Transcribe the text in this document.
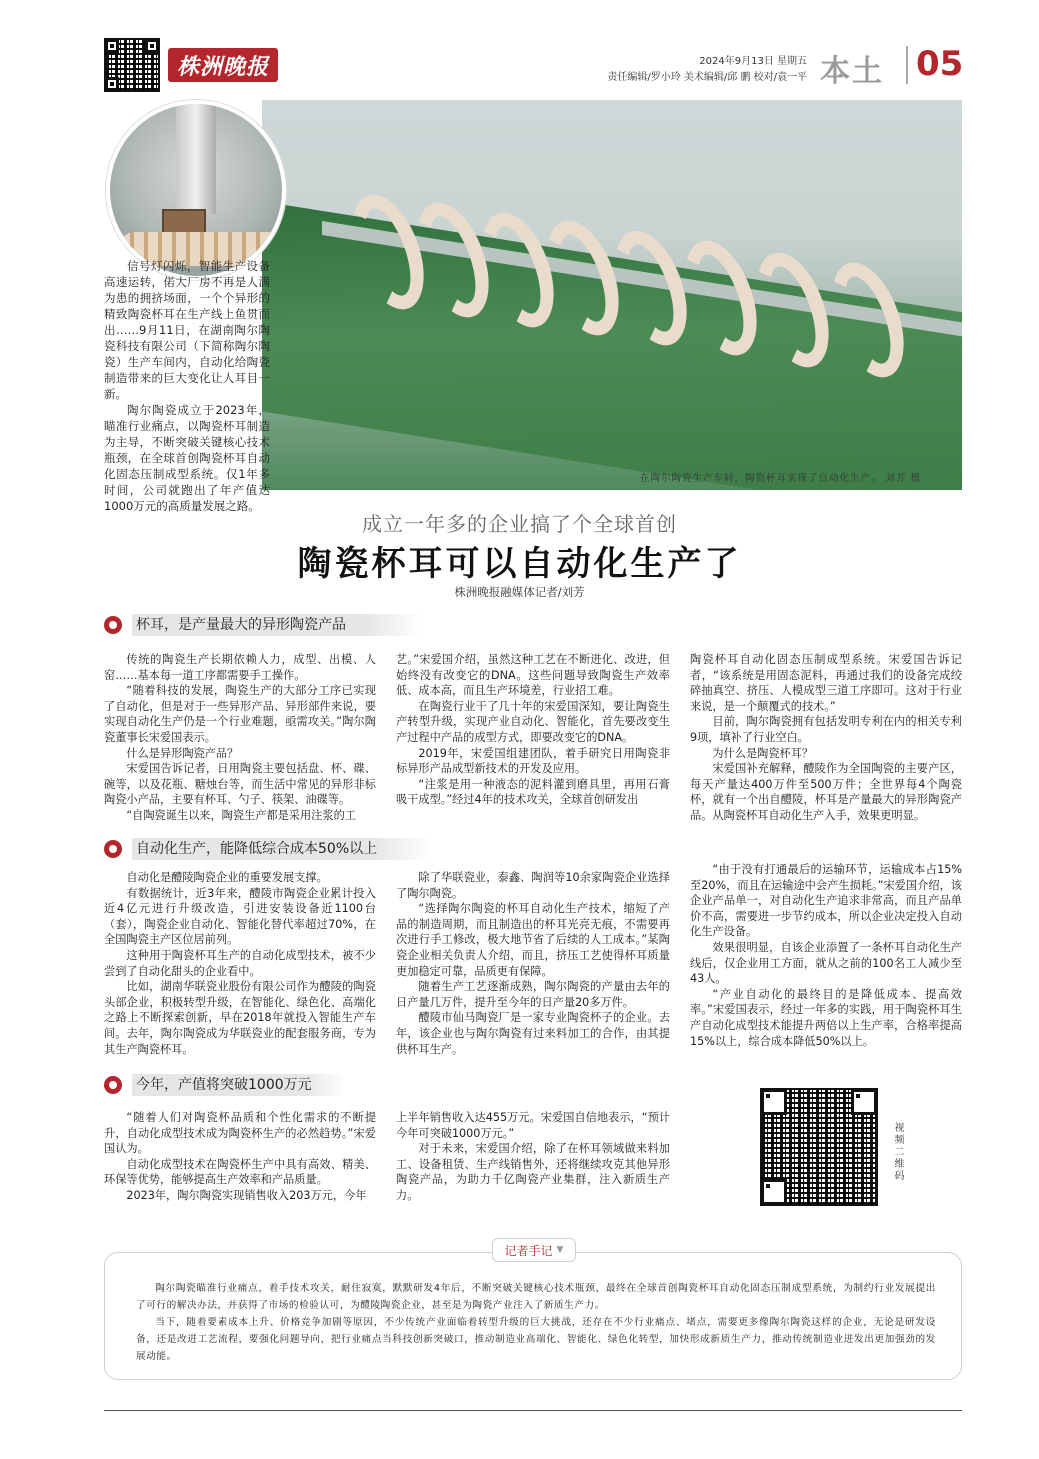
株洲晚报	2024年9月13日 星期五
责任编辑/罗小玲 美术编辑/邱 鹏 校对/袁一平 本土 05

信号灯闪烁，智能生产设备高速运转，偌大厂房不再是人满为患的拥挤场面，一个个异形的精致陶瓷杯耳在生产线上鱼贯而出……9月11日，在湖南陶尔陶瓷科技有限公司（下简称陶尔陶瓷）生产车间内，自动化给陶瓷制造带来的巨大变化让人耳目一新。

陶尔陶瓷成立于2023年，瞄准行业痛点，以陶瓷杯耳制造为主导，不断突破关键核心技术瓶颈，在全球首创陶瓷杯耳自动化固态压制成型系统。仅1年多时间，公司就跑出了年产值达1000万元的高质量发展之路。

在陶尔陶瓷生产车间，陶瓷杯耳实现了自动化生产。 刘芳 摄
成立一年多的企业搞了个全球首创
陶瓷杯耳可以自动化生产了
株洲晚报融媒体记者/刘芳
杯耳，是产量最大的异形陶瓷产品

传统的陶瓷生产长期依赖人力，成型、出模、人窑……基本每一道工序都需要手工操作。

“随着科技的发展，陶瓷生产的大部分工序已实现了自动化，但是对于一些异形产品、异形部件来说，要实现自动化生产仍是一个行业难题，亟需攻关。”陶尔陶瓷董事长宋爱国表示。

什么是异形陶瓷产品？

宋爱国告诉记者，日用陶瓷主要包括盘、杯、碟、碗等，以及花瓶、糖烛台等，而生活中常见的异形非标陶瓷小产品，主要有杯耳、勺子、筷架、油碟等。

“自陶瓷诞生以来，陶瓷生产都是采用注浆的工

艺。”宋爱国介绍，虽然这种工艺在不断进化、改进，但始终没有改变它的DNA。这些问题导致陶瓷生产效率低、成本高，而且生产环境差，行业招工难。

在陶瓷行业干了几十年的宋爱国深知，要让陶瓷生产转型升级，实现产业自动化、智能化，首先要改变生产过程中产品的成型方式，即要改变它的DNA。

2019年，宋爱国组建团队，着手研究日用陶瓷非标异形产品成型新技术的开发及应用。

“注浆是用一种液态的泥料灌到磨具里，再用石膏吸干成型。”经过4年的技术攻关，全球首创研发出

陶瓷杯耳自动化固态压制成型系统。宋爱国告诉记者，“该系统是用固态泥料，再通过我们的设备完成绞碎抽真空、挤压、人模成型三道工序即可。这对于行业来说，是一个颠覆式的技术。”

目前，陶尔陶瓷拥有包括发明专利在内的相关专利9项，填补了行业空白。

为什么是陶瓷杯耳？

宋爱国补充解释，醴陵作为全国陶瓷的主要产区，每天产量达400万件至500万件；全世界每4个陶瓷杯，就有一个出自醴陵，杯耳是产量最大的异形陶瓷产品。从陶瓷杯耳自动化生产入手，效果更明显。

自动化生产，能降低综合成本50%以上

自动化是醴陵陶瓷企业的重要发展支撑。

有数据统计，近3年来，醴陵市陶瓷企业累计投入近4亿元进行升级改造，引进安装设备近1100台（套），陶瓷企业自动化、智能化替代率超过70%，在全国陶瓷主产区位居前列。

这种用于陶瓷杯耳生产的自动化成型技术，被不少尝到了自动化甜头的企业看中。

比如，湖南华联瓷业股份有限公司作为醴陵的陶瓷头部企业，积极转型升级，在智能化、绿色化、高端化之路上不断探索创新，早在2018年就投入智能生产车间。去年，陶尔陶瓷成为华联瓷业的配套服务商，专为其生产陶瓷杯耳。

除了华联瓷业，泰鑫、陶润等10余家陶瓷企业选择了陶尔陶瓷。

“选择陶尔陶瓷的杯耳自动化生产技术，缩短了产品的制造周期，而且制造出的杯耳光亮无痕，不需要再次进行手工修改，极大地节省了后续的人工成本。”某陶瓷企业相关负责人介绍，而且，挤压工艺使得杯耳质量更加稳定可靠，品质更有保障。

随着生产工艺逐渐成熟，陶尔陶瓷的产量由去年的日产量几万件，提升至今年的日产量20多万件。

醴陵市仙马陶瓷厂是一家专业陶瓷杯子的企业。去年，该企业也与陶尔陶瓷有过来料加工的合作，由其提供杯耳生产。

“由于没有打通最后的运输环节，运输成本占15%至20%，而且在运输途中会产生损耗。”宋爱国介绍，该企业产品单一，对自动化生产追求非常高，而且产品单价不高，需要进一步节约成本，所以企业决定投入自动化生产设备。

效果很明显，自该企业添置了一条杯耳自动化生产线后，仅企业用工方面，就从之前的100名工人减少至43人。

“产业自动化的最终目的是降低成本、提高效率。”宋爱国表示，经过一年多的实践，用于陶瓷杯耳生产自动化成型技术能提升两倍以上生产率，合格率提高15%以上，综合成本降低50%以上。

今年，产值将突破1000万元

“随着人们对陶瓷杯品质和个性化需求的不断提升，自动化成型技术成为陶瓷杯生产的必然趋势。”宋爱国认为。

自动化成型技术在陶瓷杯生产中具有高效、精美、环保等优势，能够提高生产效率和产品质量。

2023年，陶尔陶瓷实现销售收入203万元，今年

上半年销售收入达455万元。宋爱国自信地表示，“预计今年可突破1000万元。”

对于未来，宋爱国介绍，除了在杯耳领域做来料加工、设备租赁、生产线销售外，还将继续攻克其他异形陶瓷产品，为助力千亿陶瓷产业集群，注入新质生产力。

视频二维码
记者手记 ▼

陶尔陶瓷瞄准行业痛点，着手技术攻关，耐住寂寞，默默研发4年后，不断突破关键核心技术瓶颈，最终在全球首创陶瓷杯耳自动化固态压制成型系统，为制约行业发展提出了可行的解决办法，并获得了市场的检验认可，为醴陵陶瓷企业，甚至是为陶瓷产业注入了新质生产力。

当下，随着要素成本上升、价格竞争加剧等原因，不少传统产业面临着转型升级的巨大挑战，还存在不少行业痛点、堵点，需要更多像陶尔陶瓷这样的企业，无论是研发设备，还是改进工艺流程，要强化问题导向，把行业痛点当科技创新突破口，推动制造业高端化、智能化、绿色化转型，加快形成新质生产力，推动传统制造业迸发出更加强劲的发展动能。
